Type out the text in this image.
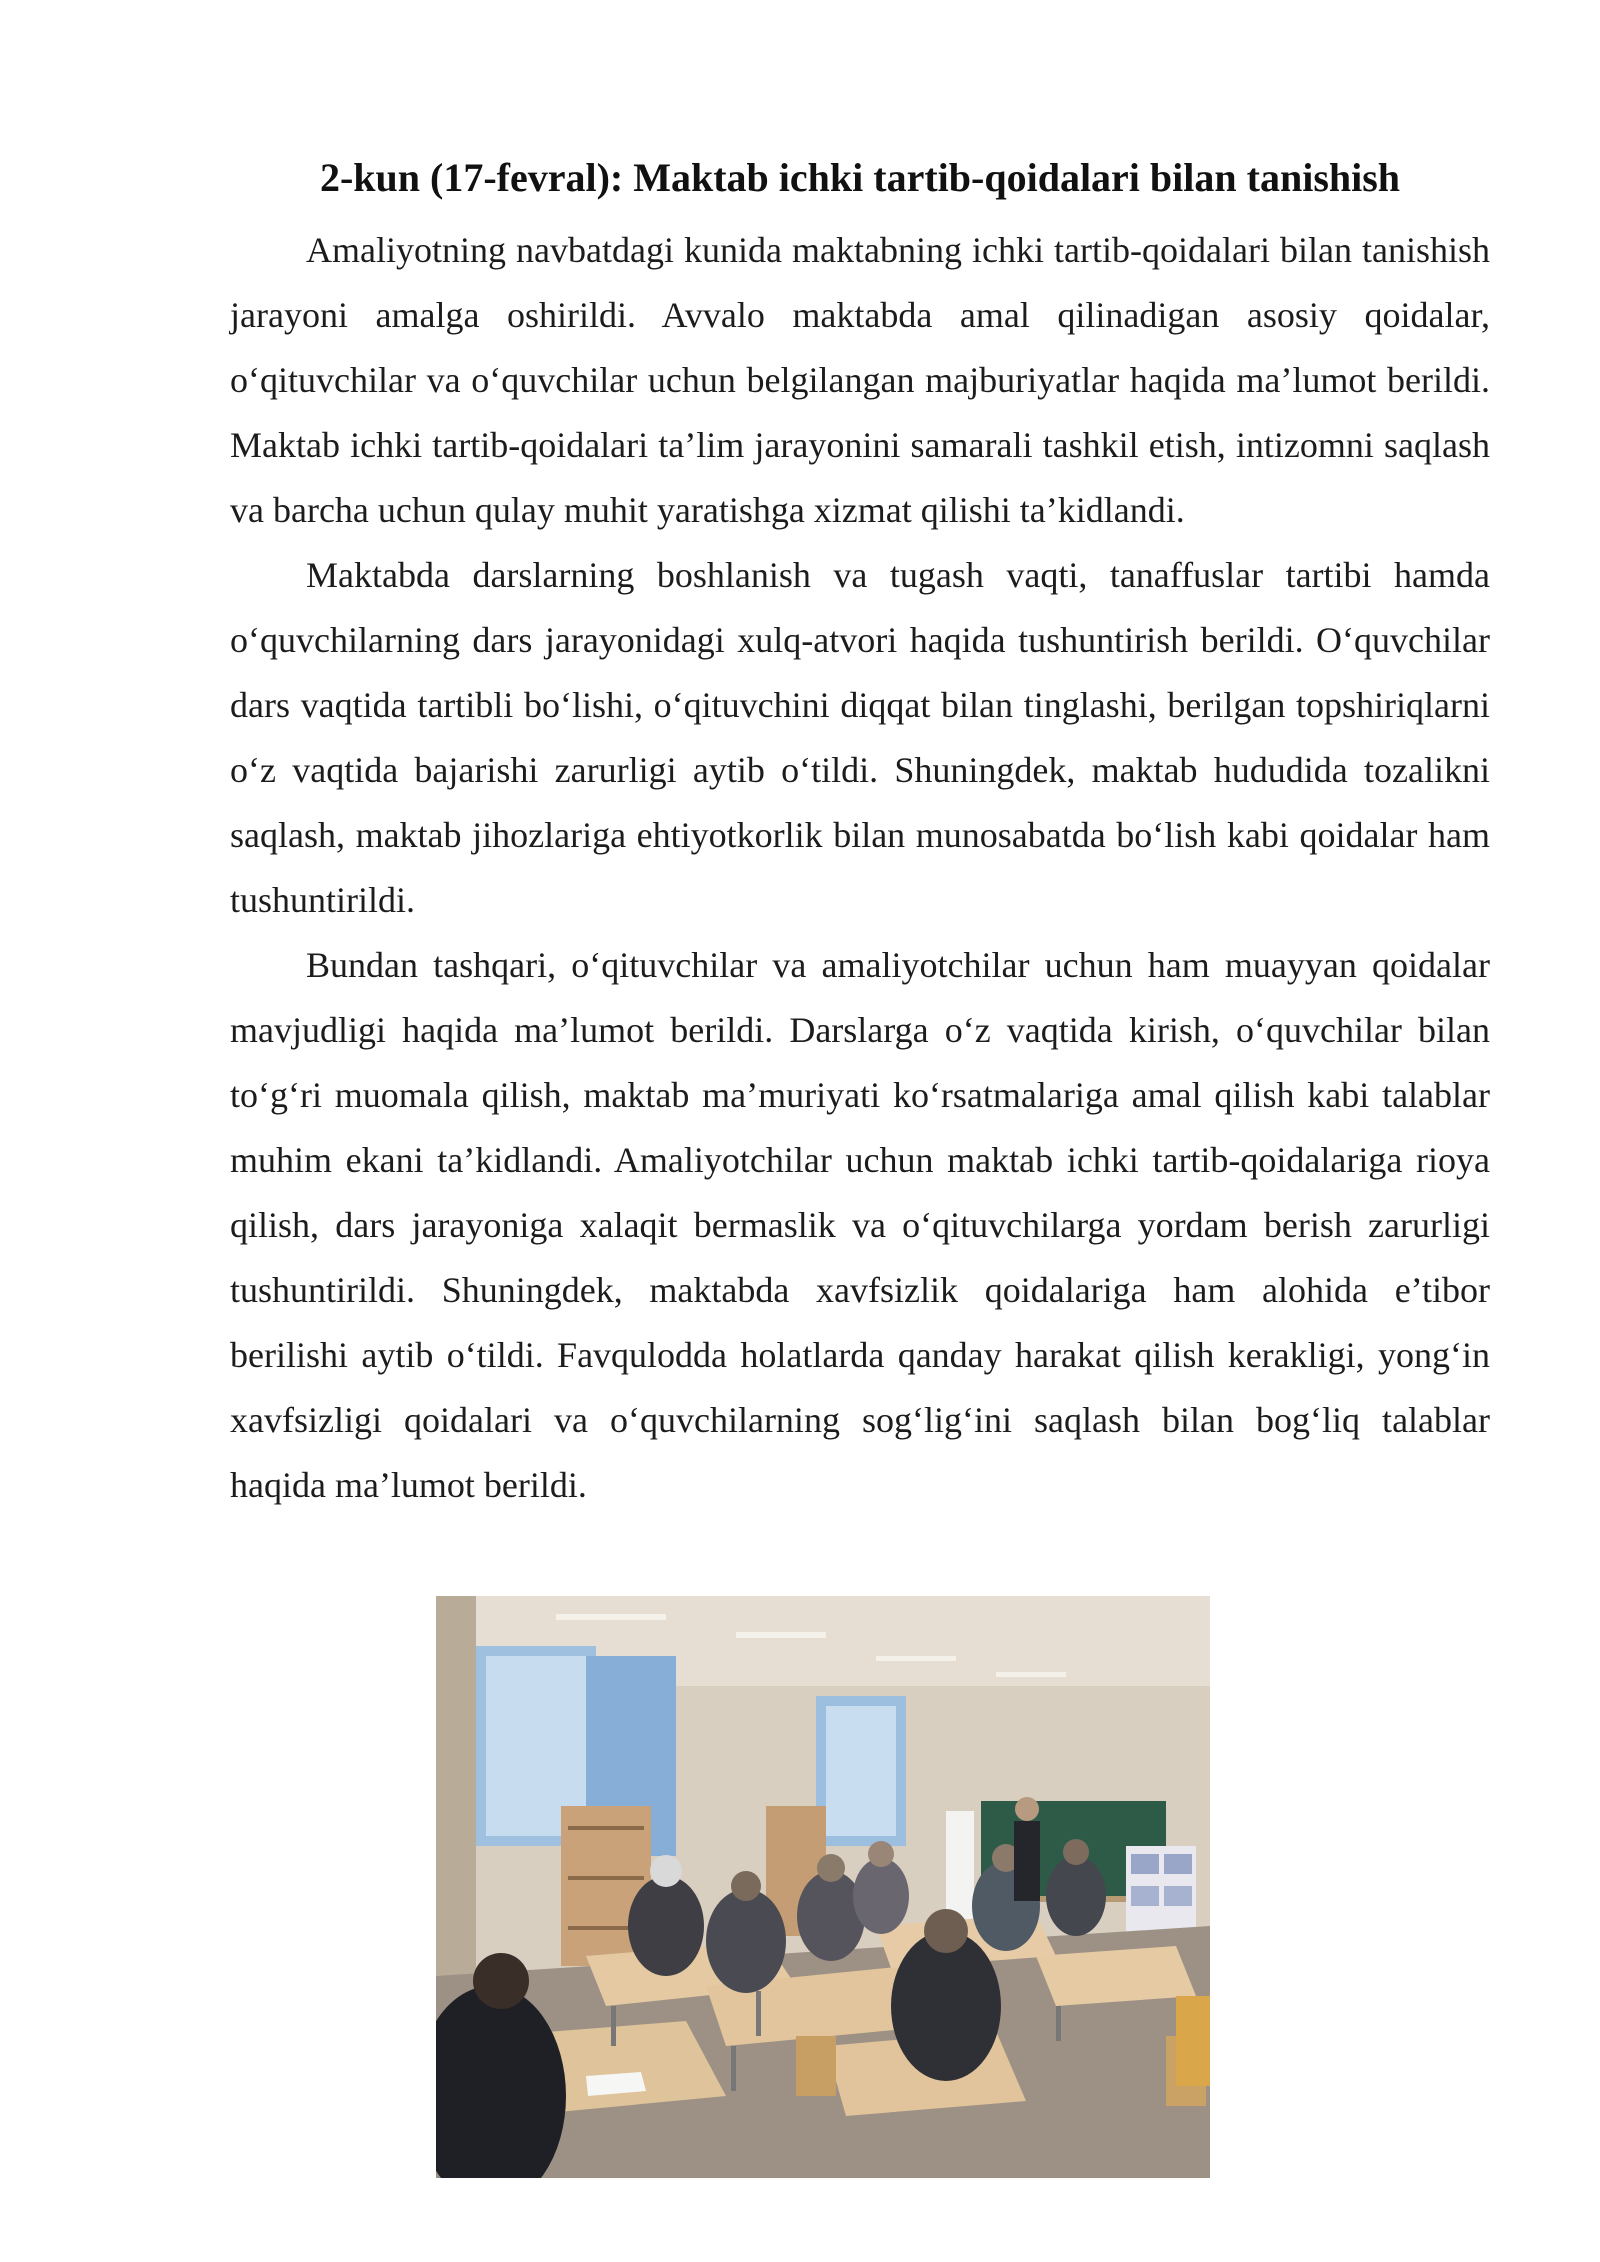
2-kun (17-fevral): Maktab ichki tartib-qoidalari bilan tanishish

Amaliyotning navbatdagi kunida maktabning ichki tartib-qoidalari bilan tanishish jarayoni amalga oshirildi. Avvalo maktabda amal qilinadigan asosiy qoidalar, o‘qituvchilar va o‘quvchilar uchun belgilangan majburiyatlar haqida ma’lumot berildi. Maktab ichki tartib-qoidalari ta’lim jarayonini samarali tashkil etish, intizomni saqlash va barcha uchun qulay muhit yaratishga xizmat qilishi ta’kidlandi.

Maktabda darslarning boshlanish va tugash vaqti, tanaffuslar tartibi hamda o‘quvchilarning dars jarayonidagi xulq-atvori haqida tushuntirish berildi. O‘quvchilar dars vaqtida tartibli bo‘lishi, o‘qituvchini diqqat bilan tinglashi, berilgan topshiriqlarni o‘z vaqtida bajarishi zarurligi aytib o‘tildi. Shuningdek, maktab hududida tozalikni saqlash, maktab jihozlariga ehtiyotkorlik bilan munosabatda bo‘lish kabi qoidalar ham tushuntirildi.

Bundan tashqari, o‘qituvchilar va amaliyotchilar uchun ham muayyan qoidalar mavjudligi haqida ma’lumot berildi. Darslarga o‘z vaqtida kirish, o‘quvchilar bilan to‘g‘ri muomala qilish, maktab ma’muriyati ko‘rsatmalariga amal qilish kabi talablar muhim ekani ta’kidlandi. Amaliyotchilar uchun maktab ichki tartib-qoidalariga rioya qilish, dars jarayoniga xalaqit bermaslik va o‘qituvchilarga yordam berish zarurligi tushuntirildi. Shuningdek, maktabda xavfsizlik qoidalariga ham alohida e’tibor berilishi aytib o‘tildi. Favqulodda holatlarda qanday harakat qilish kerakligi, yong‘in xavfsizligi qoidalari va o‘quvchilarning sog‘lig‘ini saqlash bilan bog‘liq talablar haqida ma’lumot berildi.
